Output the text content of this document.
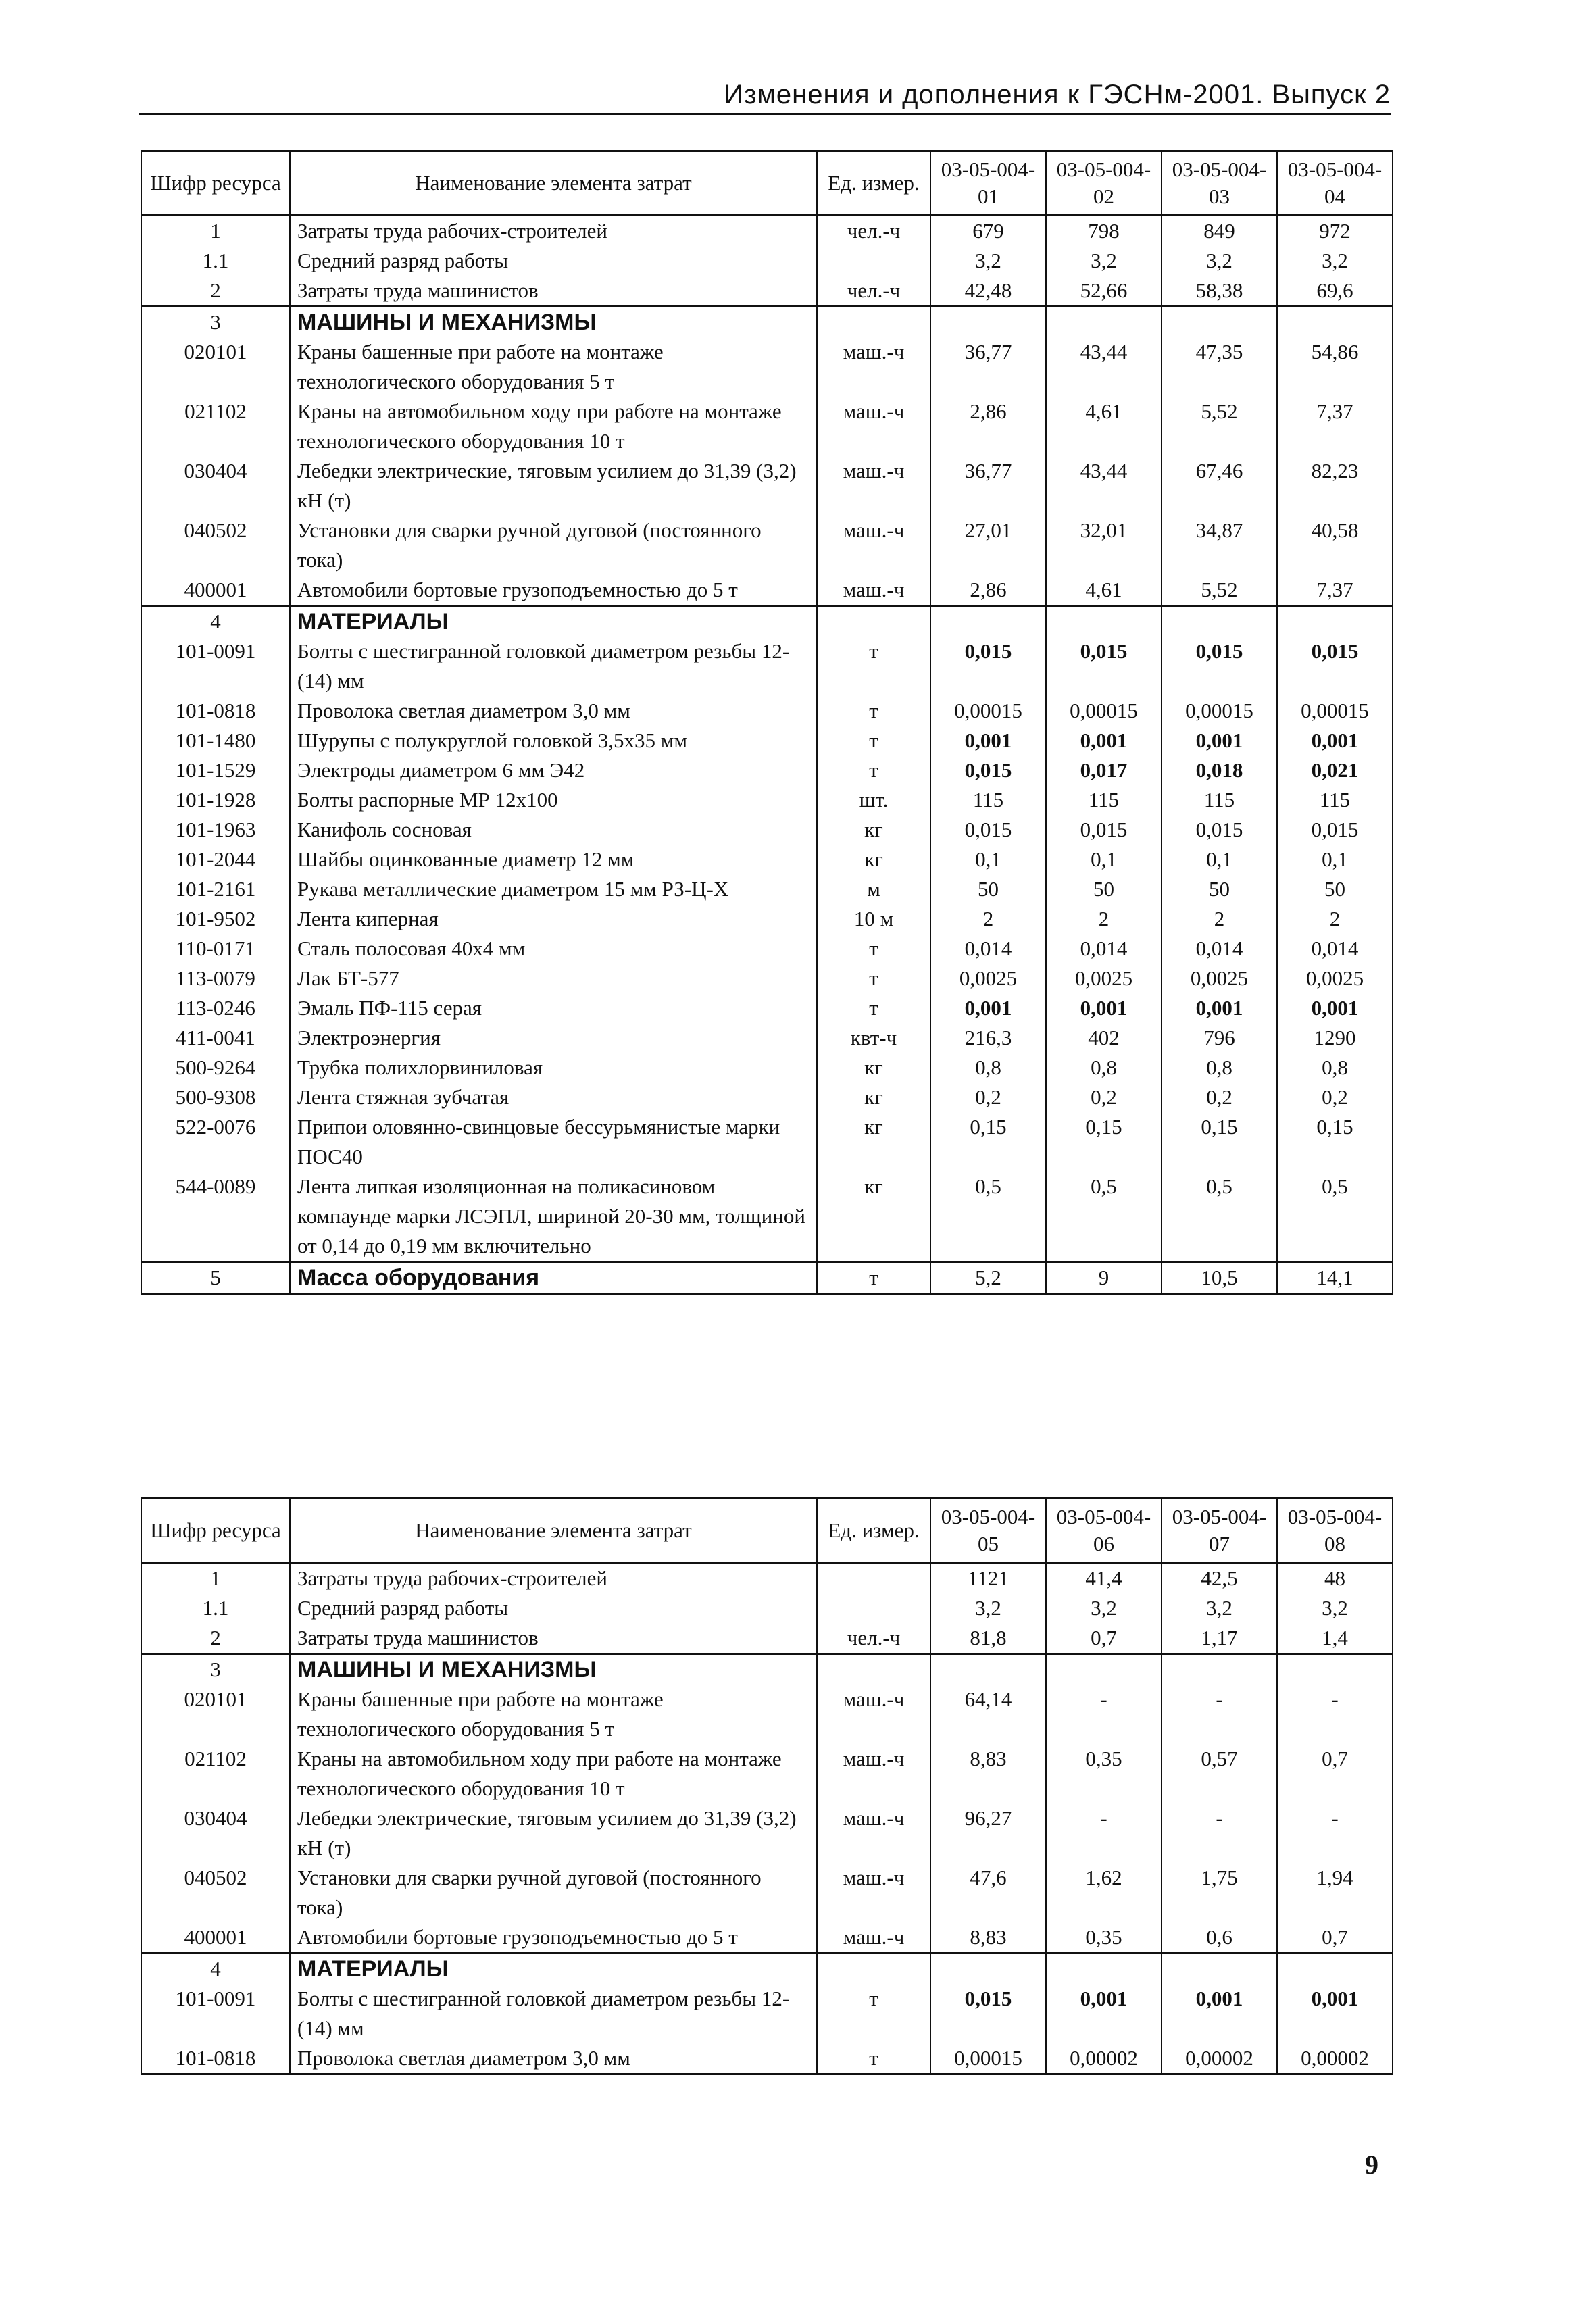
Изменения и дополнения к ГЭСНм-2001. Выпуск 2
Шифр ресурса	Наименование элемента затрат	Ед. измер.	03-05-004-01	03-05-004-02	03-05-004-03	03-05-004-04
1	Затраты труда рабочих-строителей	чел.-ч	679	798	849	972
1.1	Средний разряд работы		3,2	3,2	3,2	3,2
2	Затраты труда машинистов	чел.-ч	42,48	52,66	58,38	69,6
3	МАШИНЫ И МЕХАНИЗМЫ					
020101	Краны башенные при работе на монтаже технологического оборудования 5 т	маш.-ч	36,77	43,44	47,35	54,86
021102	Краны на автомобильном ходу при работе на монтаже технологического оборудования 10 т	маш.-ч	2,86	4,61	5,52	7,37
030404	Лебедки электрические, тяговым усилием до 31,39 (3,2) кН (т)	маш.-ч	36,77	43,44	67,46	82,23
040502	Установки для сварки ручной дуговой (постоянного тока)	маш.-ч	27,01	32,01	34,87	40,58
400001	Автомобили бортовые грузоподъемностью до 5 т	маш.-ч	2,86	4,61	5,52	7,37
4	МАТЕРИАЛЫ					
101-0091	Болты с шестигранной головкой диаметром резьбы 12- (14) мм	т	0,015	0,015	0,015	0,015
101-0818	Проволока светлая диаметром 3,0 мм	т	0,00015	0,00015	0,00015	0,00015
101-1480	Шурупы с полукруглой головкой 3,5х35 мм	т	0,001	0,001	0,001	0,001
101-1529	Электроды диаметром 6 мм Э42	т	0,015	0,017	0,018	0,021
101-1928	Болты распорные МР 12х100	шт.	115	115	115	115
101-1963	Канифоль сосновая	кг	0,015	0,015	0,015	0,015
101-2044	Шайбы оцинкованные диаметр 12 мм	кг	0,1	0,1	0,1	0,1
101-2161	Рукава металлические диаметром 15 мм РЗ-Ц-Х	м	50	50	50	50
101-9502	Лента киперная	10 м	2	2	2	2
110-0171	Сталь полосовая 40х4 мм	т	0,014	0,014	0,014	0,014
113-0079	Лак БТ-577	т	0,0025	0,0025	0,0025	0,0025
113-0246	Эмаль ПФ-115 серая	т	0,001	0,001	0,001	0,001
411-0041	Электроэнергия	квт-ч	216,3	402	796	1290
500-9264	Трубка полихлорвиниловая	кг	0,8	0,8	0,8	0,8
500-9308	Лента стяжная зубчатая	кг	0,2	0,2	0,2	0,2
522-0076	Припои оловянно-свинцовые бессурьмянистые марки ПОС40	кг	0,15	0,15	0,15	0,15
544-0089	Лента липкая изоляционная на поликасиновом компаунде марки ЛСЭПЛ, шириной 20-30 мм, толщиной от 0,14 до 0,19 мм включительно	кг	0,5	0,5	0,5	0,5
5	Масса оборудования	т	5,2	9	10,5	14,1
Шифр ресурса	Наименование элемента затрат	Ед. измер.	03-05-004-05	03-05-004-06	03-05-004-07	03-05-004-08
1	Затраты труда рабочих-строителей		1121	41,4	42,5	48
1.1	Средний разряд работы		3,2	3,2	3,2	3,2
2	Затраты труда машинистов	чел.-ч	81,8	0,7	1,17	1,4
3	МАШИНЫ И МЕХАНИЗМЫ					
020101	Краны башенные при работе на монтаже технологического оборудования 5 т	маш.-ч	64,14	-	-	-
021102	Краны на автомобильном ходу при работе на монтаже технологического оборудования 10 т	маш.-ч	8,83	0,35	0,57	0,7
030404	Лебедки электрические, тяговым усилием до 31,39 (3,2) кН (т)	маш.-ч	96,27	-	-	-
040502	Установки для сварки ручной дуговой (постоянного тока)	маш.-ч	47,6	1,62	1,75	1,94
400001	Автомобили бортовые грузоподъемностью до 5 т	маш.-ч	8,83	0,35	0,6	0,7
4	МАТЕРИАЛЫ					
101-0091	Болты с шестигранной головкой диаметром резьбы 12- (14) мм	т	0,015	0,001	0,001	0,001
101-0818	Проволока светлая диаметром 3,0 мм	т	0,00015	0,00002	0,00002	0,00002
9
